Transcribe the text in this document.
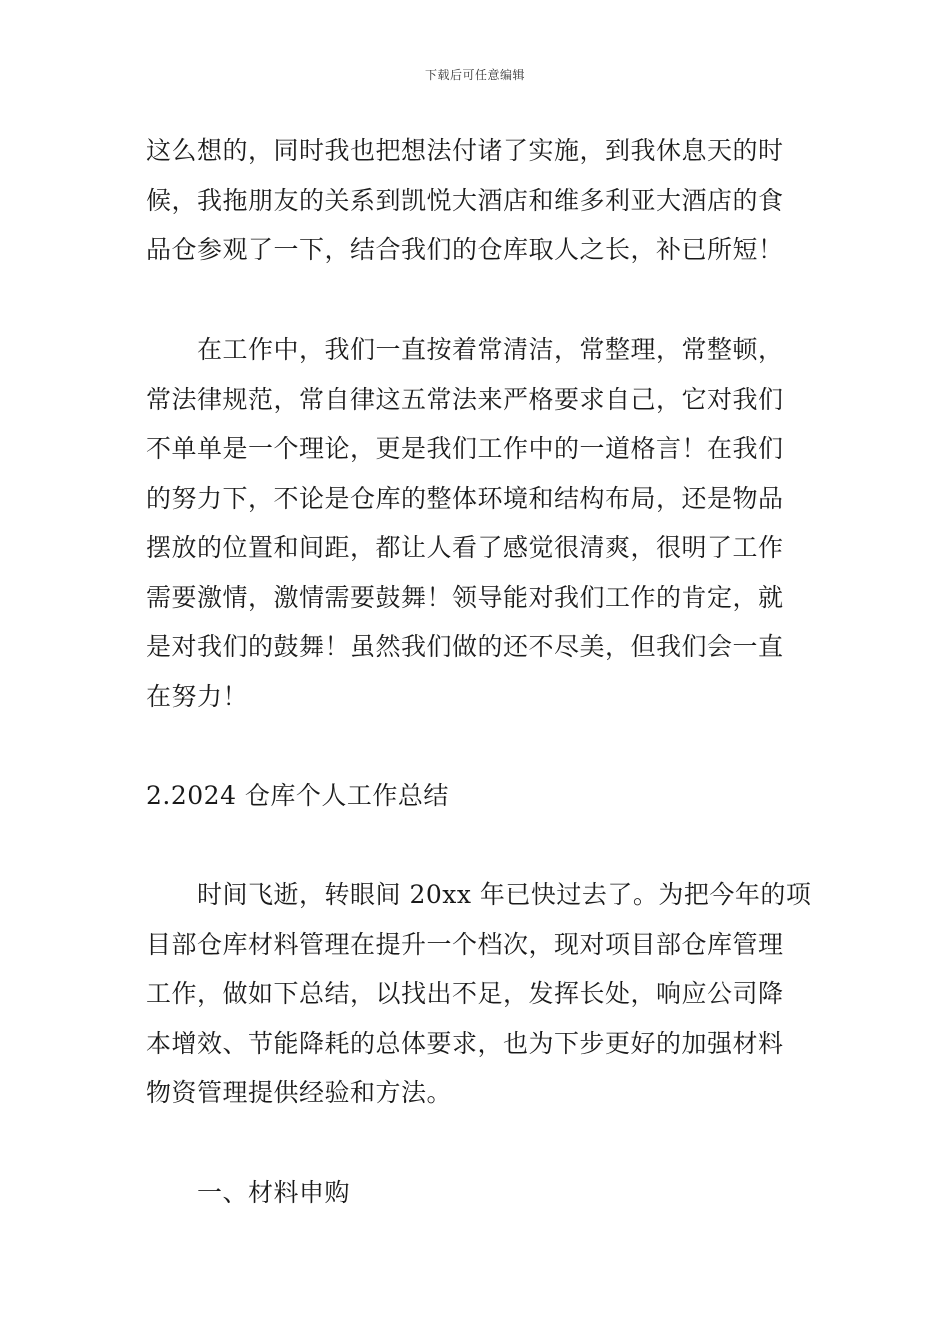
下载后可任意编辑
这么想的，同时我也把想法付诸了实施，到我休息天的时
候，我拖朋友的关系到凯悦大酒店和维多利亚大酒店的食
品仓参观了一下，结合我们的仓库取人之长，补已所短！
在工作中，我们一直按着常清洁，常整理，常整顿，
常法律规范，常自律这五常法来严格要求自己，它对我们
不单单是一个理论，更是我们工作中的一道格言！在我们
的努力下，不论是仓库的整体环境和结构布局，还是物品
摆放的位置和间距，都让人看了感觉很清爽，很明了工作
需要激情，激情需要鼓舞！领导能对我们工作的肯定，就
是对我们的鼓舞！虽然我们做的还不尽美，但我们会一直
在努力！
2.2024 仓库个人工作总结
时间飞逝，转眼间 20xx 年已快过去了。为把今年的项
目部仓库材料管理在提升一个档次，现对项目部仓库管理
工作，做如下总结，以找出不足，发挥长处，响应公司降
本增效、节能降耗的总体要求，也为下步更好的加强材料
物资管理提供经验和方法。
一、材料申购
